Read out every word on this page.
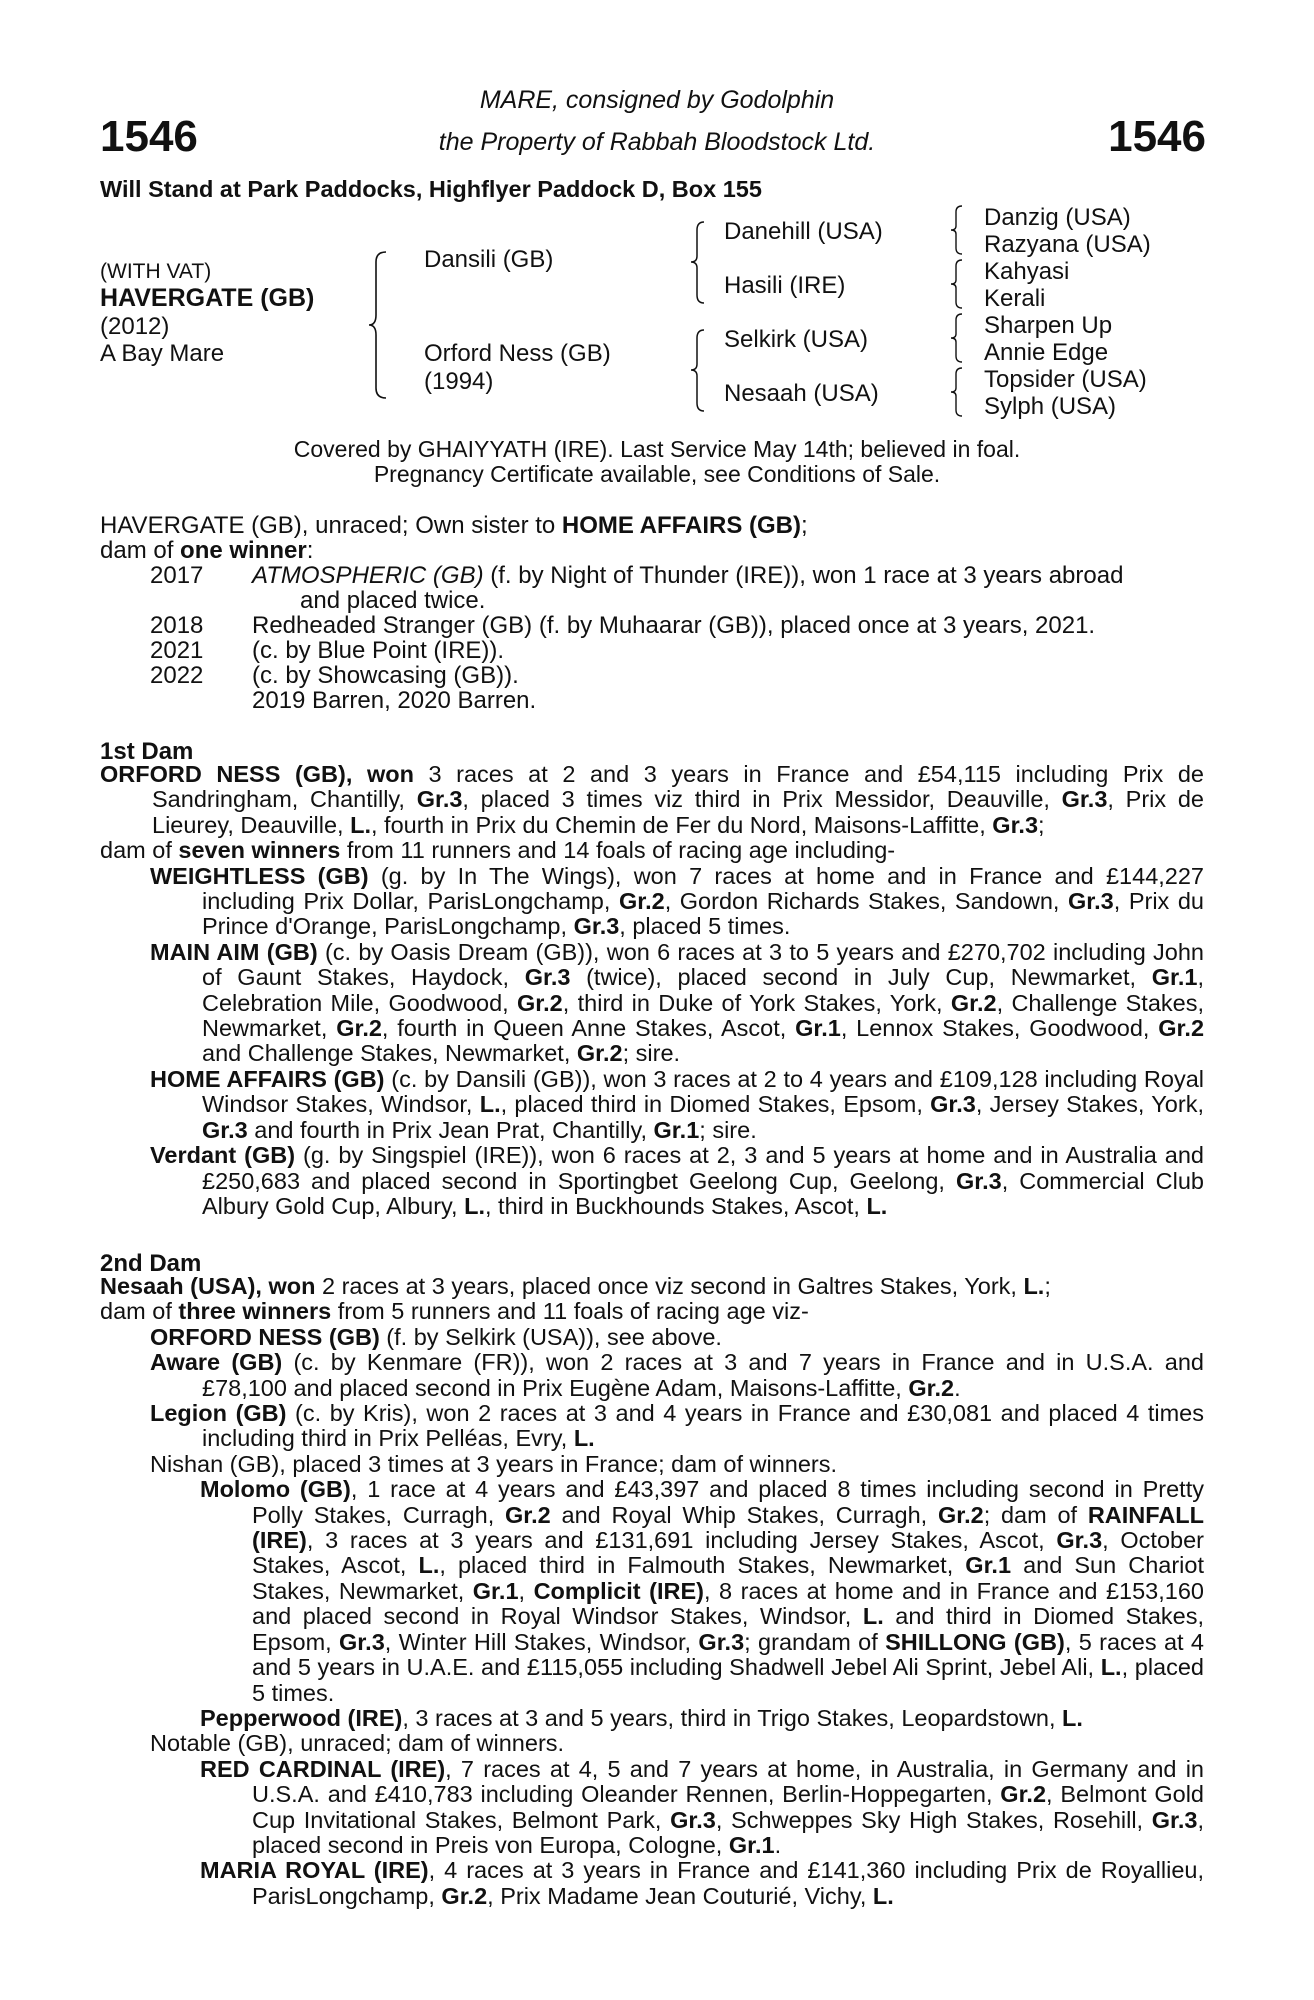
1546	1546
MARE, consigned by Godolphin
the Property of Rabbah Bloodstock Ltd.
Will Stand at Park Paddocks, Highflyer Paddock D, Box 155
(WITH VAT)
HAVERGATE (GB)
(2012)
A Bay Mare
Dansili (GB)
Orford Ness (GB)
(1994)
Danehill (USA)
Hasili (IRE)
Selkirk (USA)
Nesaah (USA)
Danzig (USA)
Razyana (USA)
Kahyasi
Kerali
Sharpen Up
Annie Edge
Topsider (USA)
Sylph (USA)
Covered by GHAIYYATH (IRE). Last Service May 14th; believed in foal.
Pregnancy Certificate available, see Conditions of Sale.
HAVERGATE (GB), unraced; Own sister to HOME AFFAIRS (GB);
dam of one winner:
2017 ATMOSPHERIC (GB) (f. by Night of Thunder (IRE)), won 1 race at 3 years abroad
and placed twice.
2018 Redheaded Stranger (GB) (f. by Muhaarar (GB)), placed once at 3 years, 2021.
2021 (c. by Blue Point (IRE)).
2022 (c. by Showcasing (GB)).
2019 Barren, 2020 Barren.
1st Dam
ORFORD NESS (GB), won 3 races at 2 and 3 years in France and £54,115 including Prix de Sandringham, Chantilly, Gr.3, placed 3 times viz third in Prix Messidor, Deauville, Gr.3, Prix de Lieurey, Deauville, L., fourth in Prix du Chemin de Fer du Nord, Maisons-Laffitte, Gr.3;
dam of seven winners from 11 runners and 14 foals of racing age including-
WEIGHTLESS (GB) (g. by In The Wings), won 7 races at home and in France and £144,227 including Prix Dollar, ParisLongchamp, Gr.2, Gordon Richards Stakes, Sandown, Gr.3, Prix du Prince d'Orange, ParisLongchamp, Gr.3, placed 5 times.
MAIN AIM (GB) (c. by Oasis Dream (GB)), won 6 races at 3 to 5 years and £270,702 including John of Gaunt Stakes, Haydock, Gr.3 (twice), placed second in July Cup, Newmarket, Gr.1, Celebration Mile, Goodwood, Gr.2, third in Duke of York Stakes, York, Gr.2, Challenge Stakes, Newmarket, Gr.2, fourth in Queen Anne Stakes, Ascot, Gr.1, Lennox Stakes, Goodwood, Gr.2 and Challenge Stakes, Newmarket, Gr.2; sire.
HOME AFFAIRS (GB) (c. by Dansili (GB)), won 3 races at 2 to 4 years and £109,128 including Royal Windsor Stakes, Windsor, L., placed third in Diomed Stakes, Epsom, Gr.3, Jersey Stakes, York, Gr.3 and fourth in Prix Jean Prat, Chantilly, Gr.1; sire.
Verdant (GB) (g. by Singspiel (IRE)), won 6 races at 2, 3 and 5 years at home and in Australia and £250,683 and placed second in Sportingbet Geelong Cup, Geelong, Gr.3, Commercial Club Albury Gold Cup, Albury, L., third in Buckhounds Stakes, Ascot, L.
2nd Dam
Nesaah (USA), won 2 races at 3 years, placed once viz second in Galtres Stakes, York, L.;
dam of three winners from 5 runners and 11 foals of racing age viz-
ORFORD NESS (GB) (f. by Selkirk (USA)), see above.
Aware (GB) (c. by Kenmare (FR)), won 2 races at 3 and 7 years in France and in U.S.A. and £78,100 and placed second in Prix Eugène Adam, Maisons-Laffitte, Gr.2.
Legion (GB) (c. by Kris), won 2 races at 3 and 4 years in France and £30,081 and placed 4 times including third in Prix Pelléas, Evry, L.
Nishan (GB), placed 3 times at 3 years in France; dam of winners.
Molomo (GB), 1 race at 4 years and £43,397 and placed 8 times including second in Pretty Polly Stakes, Curragh, Gr.2 and Royal Whip Stakes, Curragh, Gr.2; dam of RAINFALL (IRE), 3 races at 3 years and £131,691 including Jersey Stakes, Ascot, Gr.3, October Stakes, Ascot, L., placed third in Falmouth Stakes, Newmarket, Gr.1 and Sun Chariot Stakes, Newmarket, Gr.1, Complicit (IRE), 8 races at home and in France and £153,160 and placed second in Royal Windsor Stakes, Windsor, L. and third in Diomed Stakes, Epsom, Gr.3, Winter Hill Stakes, Windsor, Gr.3; grandam of SHILLONG (GB), 5 races at 4 and 5 years in U.A.E. and £115,055 including Shadwell Jebel Ali Sprint, Jebel Ali, L., placed 5 times.
Pepperwood (IRE), 3 races at 3 and 5 years, third in Trigo Stakes, Leopardstown, L.
Notable (GB), unraced; dam of winners.
RED CARDINAL (IRE), 7 races at 4, 5 and 7 years at home, in Australia, in Germany and in U.S.A. and £410,783 including Oleander Rennen, Berlin-Hoppegarten, Gr.2, Belmont Gold Cup Invitational Stakes, Belmont Park, Gr.3, Schweppes Sky High Stakes, Rosehill, Gr.3, placed second in Preis von Europa, Cologne, Gr.1.
MARIA ROYAL (IRE), 4 races at 3 years in France and £141,360 including Prix de Royallieu, ParisLongchamp, Gr.2, Prix Madame Jean Couturié, Vichy, L.
